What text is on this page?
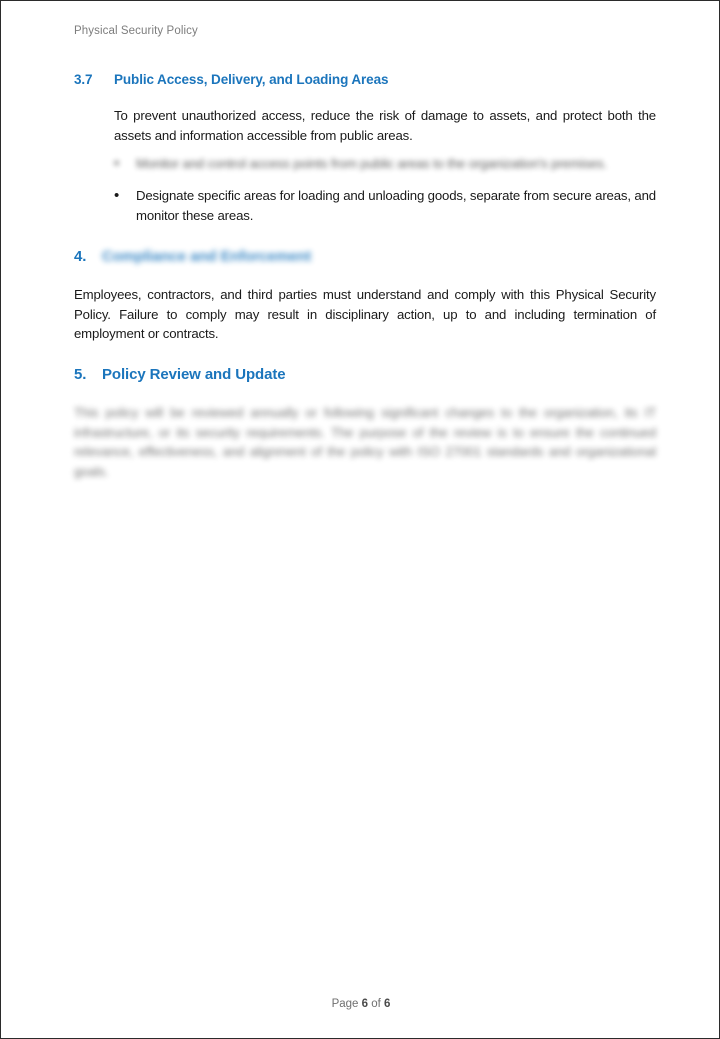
Physical Security Policy
3.7 Public Access, Delivery, and Loading Areas
To prevent unauthorized access, reduce the risk of damage to assets, and protect both the assets and information accessible from public areas.
•	Monitor and control access points from public areas to the organization's premises.
•	Designate specific areas for loading and unloading goods, separate from secure areas, and monitor these areas.
4. Compliance and Enforcement
Employees, contractors, and third parties must understand and comply with this Physical Security Policy. Failure to comply may result in disciplinary action, up to and including termination of employment or contracts.
5. Policy Review and Update
This policy will be reviewed annually or following significant changes to the organization, its IT infrastructure, or its security requirements. The purpose of the review is to ensure the continued relevance, effectiveness, and alignment of the policy with ISO 27001 standards and organizational goals.
Page 6 of 6
